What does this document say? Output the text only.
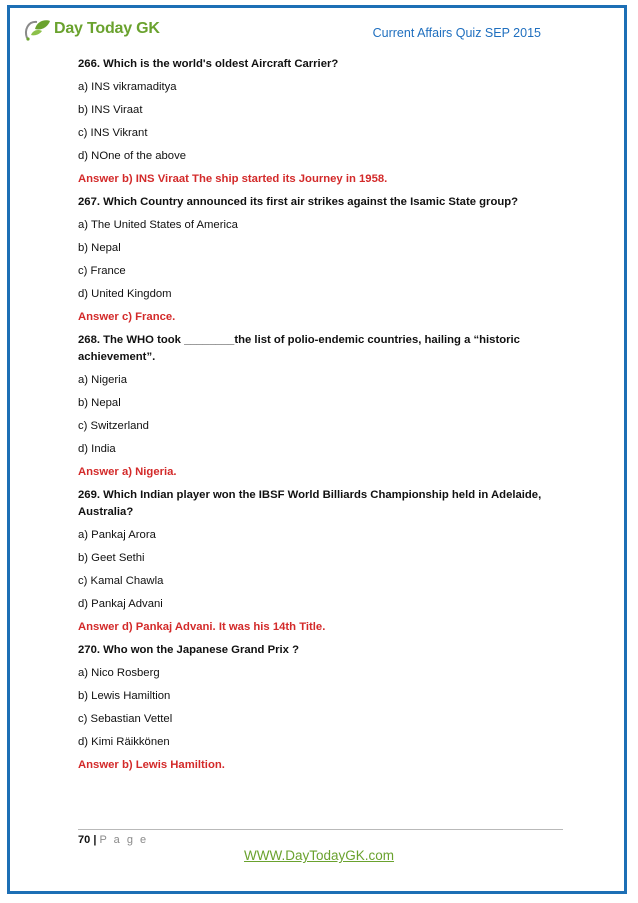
Day Today GK	Current Affairs Quiz SEP 2015
266. Which is the world's oldest Aircraft Carrier?
a) INS vikramaditya
b) INS Viraat
c) INS Vikrant
d) NOne of the above
Answer b) INS Viraat The ship started its Journey in 1958.
267. Which Country announced its first air strikes against the Isamic State group?
a) The United States of America
b) Nepal
c) France
d) United Kingdom
Answer c) France.
268. The WHO took ________the list of polio-endemic countries, hailing a “historic achievement”.
a) Nigeria
b) Nepal
c) Switzerland
d) India
Answer a) Nigeria.
269. Which Indian player won the IBSF World Billiards Championship held in Adelaide, Australia?
a) Pankaj Arora
b) Geet Sethi
c) Kamal Chawla
d) Pankaj Advani
Answer d) Pankaj Advani. It was his 14th Title.
270. Who won the Japanese Grand Prix ?
a) Nico Rosberg
b) Lewis Hamiltion
c) Sebastian Vettel
d) Kimi Räikkönen
Answer b) Lewis Hamiltion.
70 | P a g e
WWW.DayTodayGK.com
